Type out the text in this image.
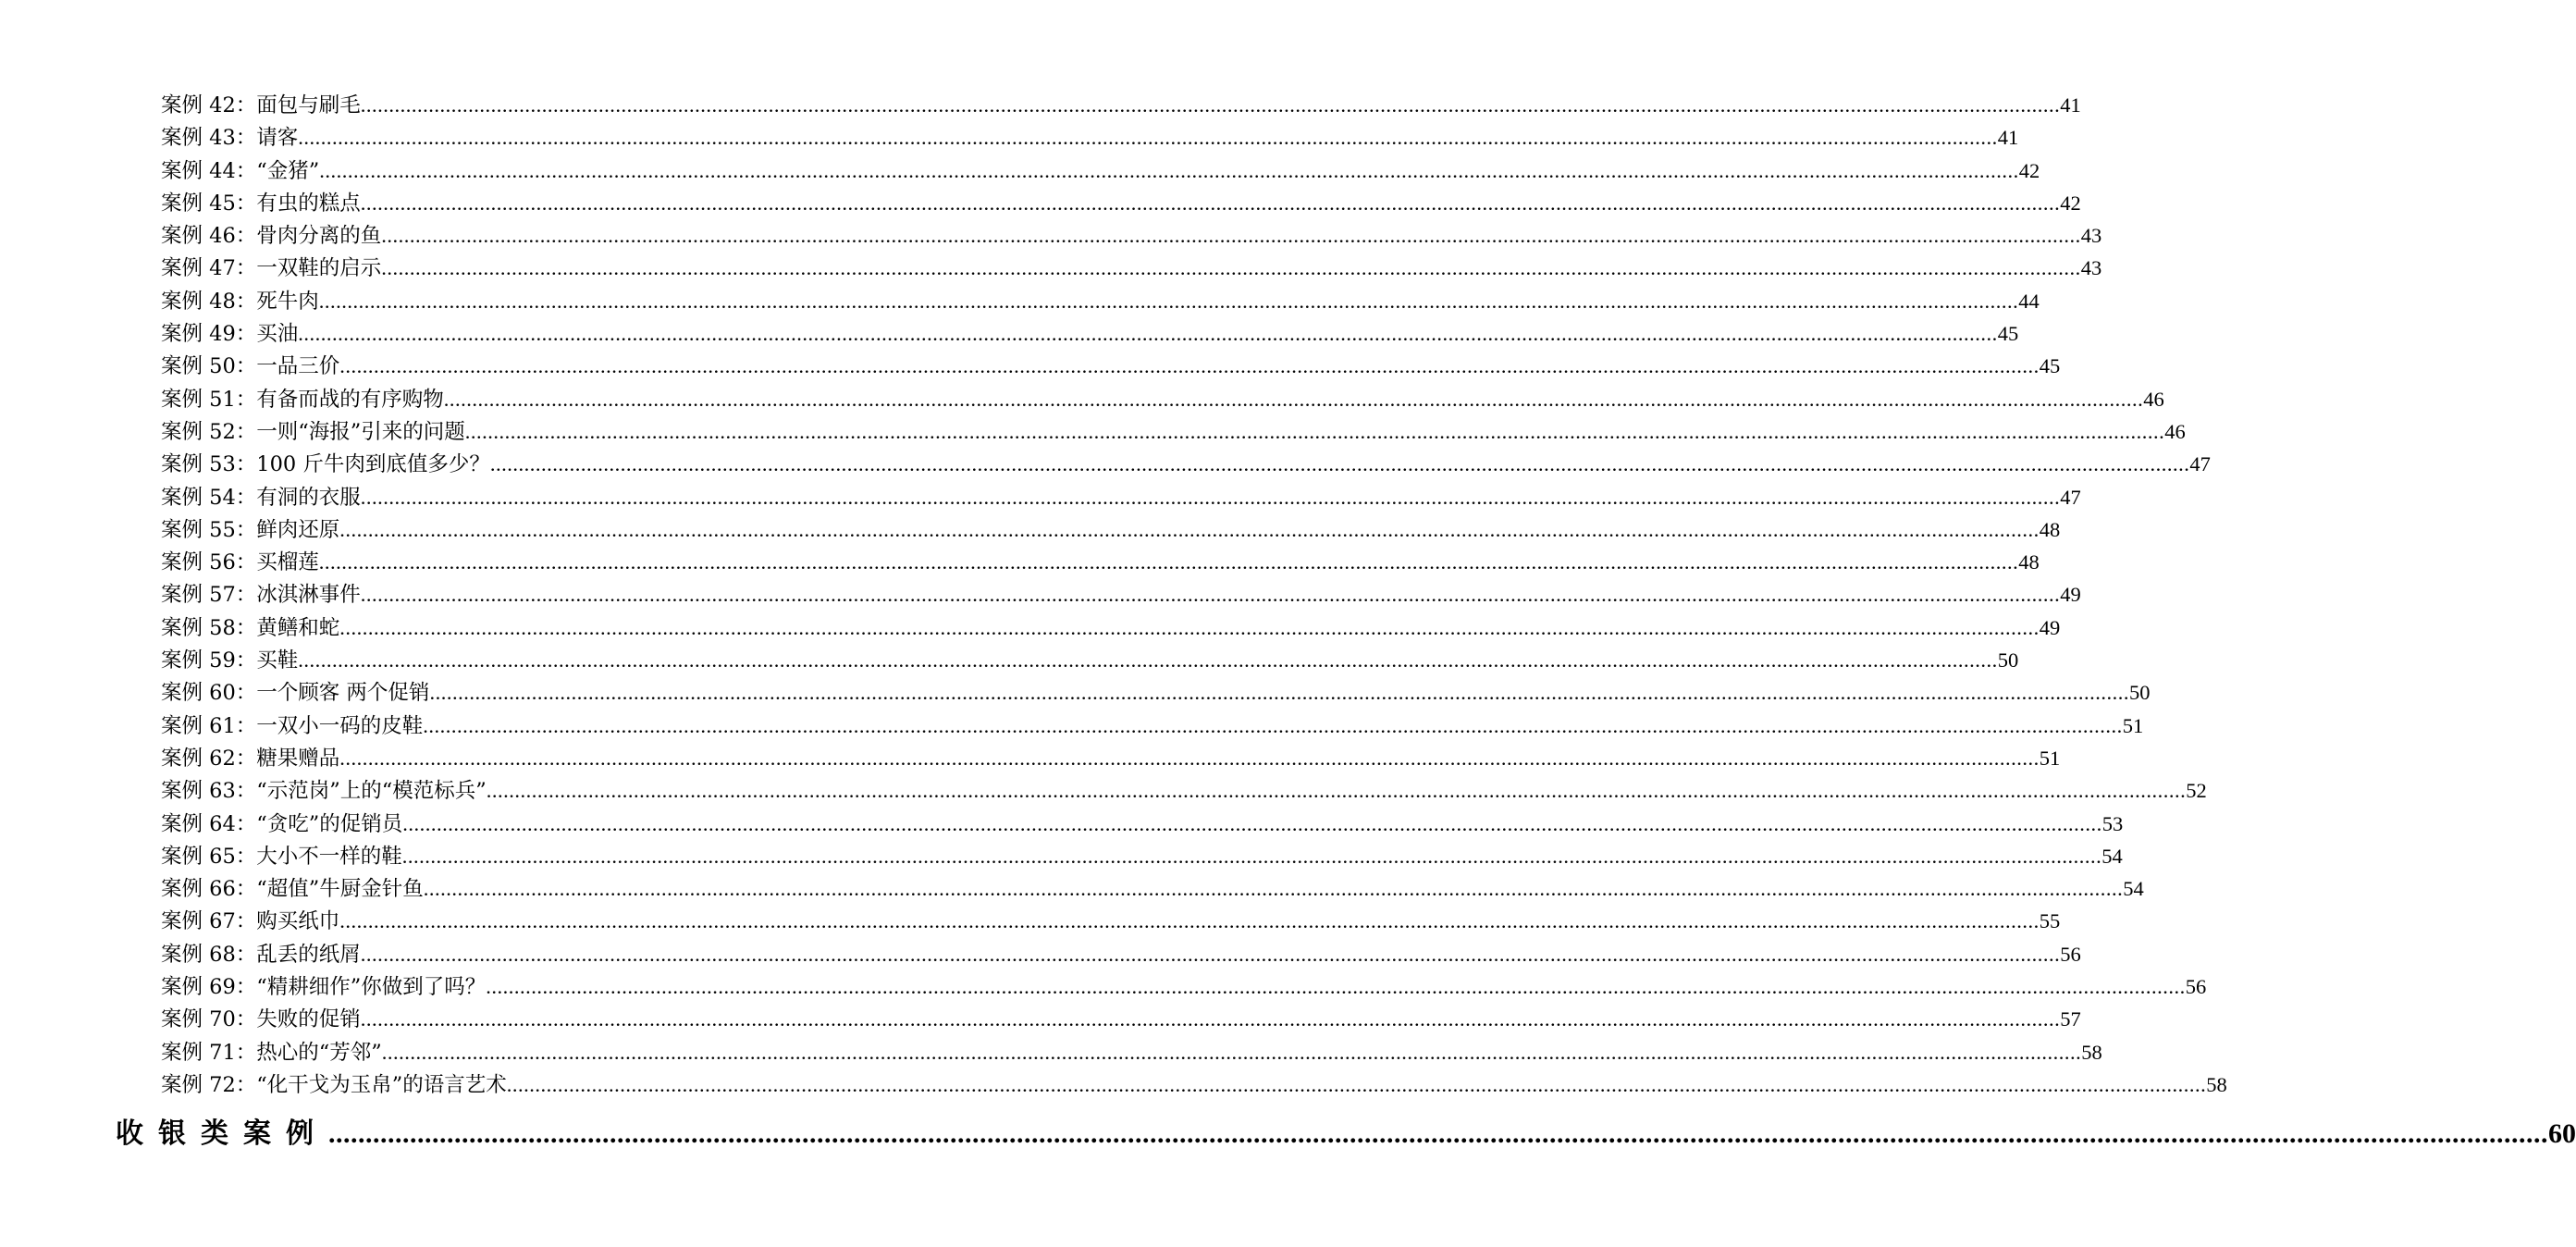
案例 42：面包与刷毛 ............................................................................................................................................................................................................................................................................................................ 41
案例 43：请客 ............................................................................................................................................................................................................................................................................................................ 41
案例 44：“金猪” ............................................................................................................................................................................................................................................................................................................ 42
案例 45：有虫的糕点 ............................................................................................................................................................................................................................................................................................................ 42
案例 46：骨肉分离的鱼 ............................................................................................................................................................................................................................................................................................................ 43
案例 47：一双鞋的启示 ............................................................................................................................................................................................................................................................................................................ 43
案例 48：死牛肉 ............................................................................................................................................................................................................................................................................................................ 44
案例 49：买油 ............................................................................................................................................................................................................................................................................................................ 45
案例 50：一品三价 ............................................................................................................................................................................................................................................................................................................ 45
案例 51：有备而战的有序购物 ............................................................................................................................................................................................................................................................................................................ 46
案例 52：一则“海报”引来的问题 ............................................................................................................................................................................................................................................................................................................ 46
案例 53：100 斤牛肉到底值多少？ ............................................................................................................................................................................................................................................................................................................ 47
案例 54：有洞的衣服 ............................................................................................................................................................................................................................................................................................................ 47
案例 55：鲜肉还原 ............................................................................................................................................................................................................................................................................................................ 48
案例 56：买榴莲 ............................................................................................................................................................................................................................................................................................................ 48
案例 57：冰淇淋事件 ............................................................................................................................................................................................................................................................................................................ 49
案例 58：黄鳝和蛇 ............................................................................................................................................................................................................................................................................................................ 49
案例 59：买鞋 ............................................................................................................................................................................................................................................................................................................ 50
案例 60：一个顾客 两个促销 ............................................................................................................................................................................................................................................................................................................ 50
案例 61：一双小一码的皮鞋 ............................................................................................................................................................................................................................................................................................................ 51
案例 62：糖果赠品 ............................................................................................................................................................................................................................................................................................................ 51
案例 63：“示范岗”上的“模范标兵” ............................................................................................................................................................................................................................................................................................................ 52
案例 64：“贪吃”的促销员 ............................................................................................................................................................................................................................................................................................................ 53
案例 65：大小不一样的鞋 ............................................................................................................................................................................................................................................................................................................ 54
案例 66：“超值”牛厨金针鱼 ............................................................................................................................................................................................................................................................................................................ 54
案例 67：购买纸巾 ............................................................................................................................................................................................................................................................................................................ 55
案例 68：乱丢的纸屑 ............................................................................................................................................................................................................................................................................................................ 56
案例 69：“精耕细作”你做到了吗？ ............................................................................................................................................................................................................................................................................................................ 56
案例 70：失败的促销 ............................................................................................................................................................................................................................................................................................................ 57
案例 71：热心的“芳邻” ............................................................................................................................................................................................................................................................................................................ 58
案例 72：“化干戈为玉帛”的语言艺术 ............................................................................................................................................................................................................................................................................................................ 58
收银类案例 ............................................................................................................................................................................................................................................................................................................ 60
